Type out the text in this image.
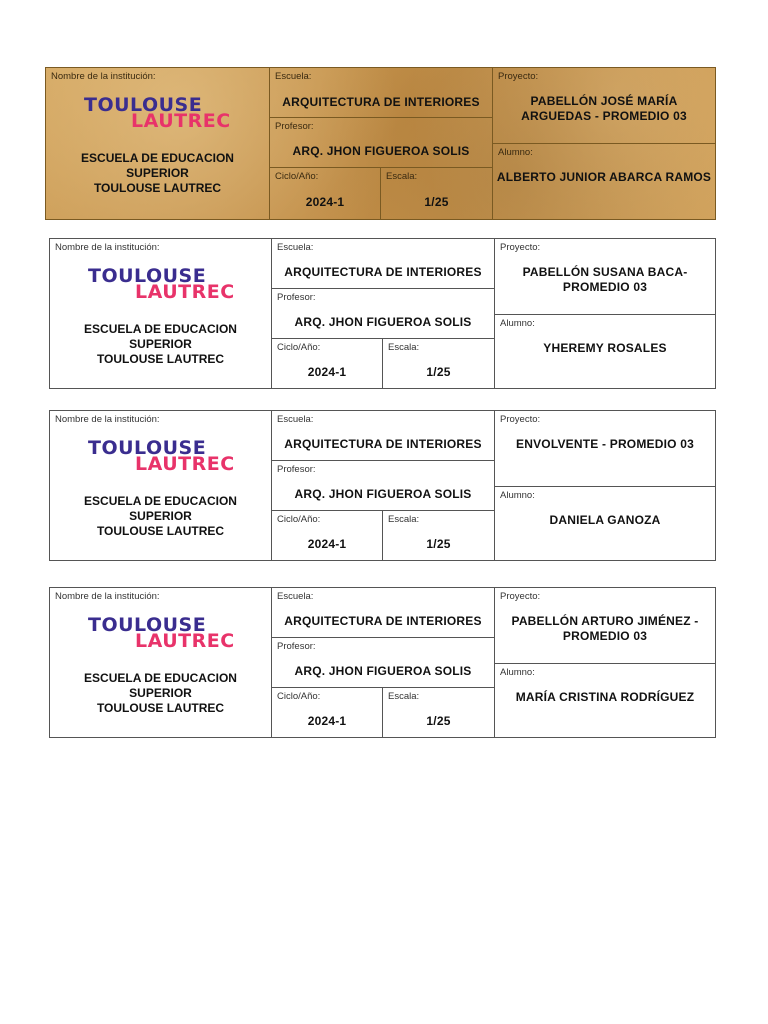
Nombre de la institución:
TOULOUSE
LAUTREC
ESCUELA DE EDUCACION
SUPERIOR
TOULOUSE LAUTREC
Escuela:
ARQUITECTURA DE INTERIORES
Profesor:
ARQ. JHON FIGUEROA SOLIS
Ciclo/Año:
2024-1
Escala:
1/25
Proyecto:
PABELLÓN JOSÉ MARÍA
ARGUEDAS - PROMEDIO 03
Alumno:
ALBERTO JUNIOR ABARCA RAMOS
Nombre de la institución:
TOULOUSE
LAUTREC
ESCUELA DE EDUCACION
SUPERIOR
TOULOUSE LAUTREC
Escuela:
ARQUITECTURA DE INTERIORES
Profesor:
ARQ. JHON FIGUEROA SOLIS
Ciclo/Año:
2024-1
Escala:
1/25
Proyecto:
PABELLÓN SUSANA BACA-
PROMEDIO 03
Alumno:
YHEREMY ROSALES
Nombre de la institución:
TOULOUSE
LAUTREC
ESCUELA DE EDUCACION
SUPERIOR
TOULOUSE LAUTREC
Escuela:
ARQUITECTURA DE INTERIORES
Profesor:
ARQ. JHON FIGUEROA SOLIS
Ciclo/Año:
2024-1
Escala:
1/25
Proyecto:
ENVOLVENTE - PROMEDIO 03
Alumno:
DANIELA GANOZA
Nombre de la institución:
TOULOUSE
LAUTREC
ESCUELA DE EDUCACION
SUPERIOR
TOULOUSE LAUTREC
Escuela:
ARQUITECTURA DE INTERIORES
Profesor:
ARQ. JHON FIGUEROA SOLIS
Ciclo/Año:
2024-1
Escala:
1/25
Proyecto:
PABELLÓN ARTURO JIMÉNEZ -
PROMEDIO 03
Alumno:
MARÍA CRISTINA RODRÍGUEZ
